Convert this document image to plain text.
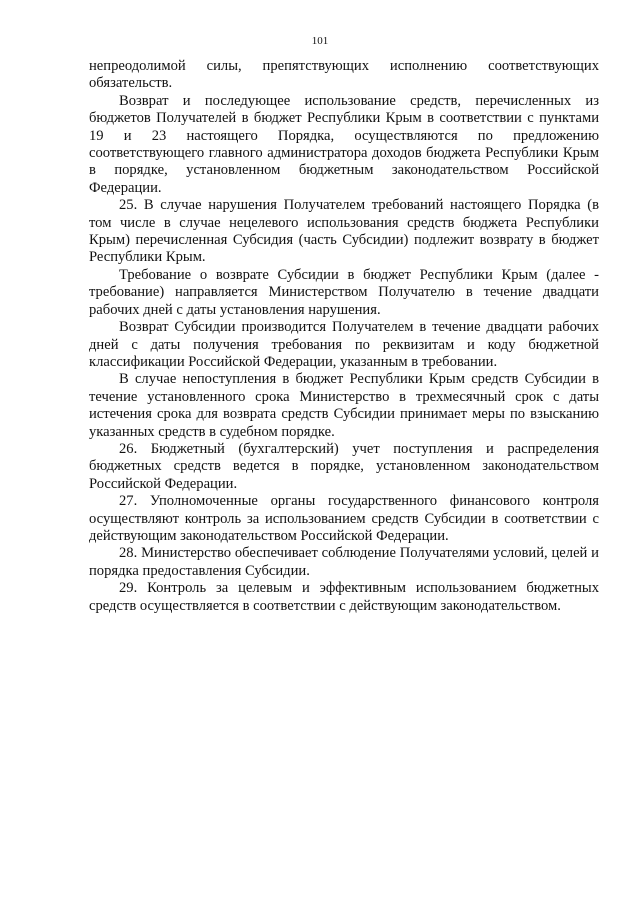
101

непреодолимой силы, препятствующих исполнению соответствующих обязательств.

Возврат и последующее использование средств, перечисленных из бюджетов Получателей в бюджет Республики Крым в соответствии с пунктами 19 и 23 настоящего Порядка, осуществляются по предложению соответствующего главного администратора доходов бюджета Республики Крым в порядке, установленном бюджетным законодательством Российской Федерации.

25. В случае нарушения Получателем требований настоящего Порядка (в том числе в случае нецелевого использования средств бюджета Республики Крым) перечисленная Субсидия (часть Субсидии) подлежит возврату в бюджет Республики Крым.

Требование о возврате Субсидии в бюджет Республики Крым (далее - требование) направляется Министерством Получателю в течение двадцати рабочих дней с даты установления нарушения.

Возврат Субсидии производится Получателем в течение двадцати рабочих дней с даты получения требования по реквизитам и коду бюджетной классификации Российской Федерации, указанным в требовании.

В случае непоступления в бюджет Республики Крым средств Субсидии в течение установленного срока Министерство в трехмесячный срок с даты истечения срока для возврата средств Субсидии принимает меры по взысканию указанных средств в судебном порядке.

26. Бюджетный (бухгалтерский) учет поступления и распределения бюджетных средств ведется в порядке, установленном законодательством Российской Федерации.

27. Уполномоченные органы государственного финансового контроля осуществляют контроль за использованием средств Субсидии в соответствии с действующим законодательством Российской Федерации.

28. Министерство обеспечивает соблюдение Получателями условий, целей и порядка предоставления Субсидии.

29. Контроль за целевым и эффективным использованием бюджетных средств осуществляется в соответствии с действующим законодательством.
